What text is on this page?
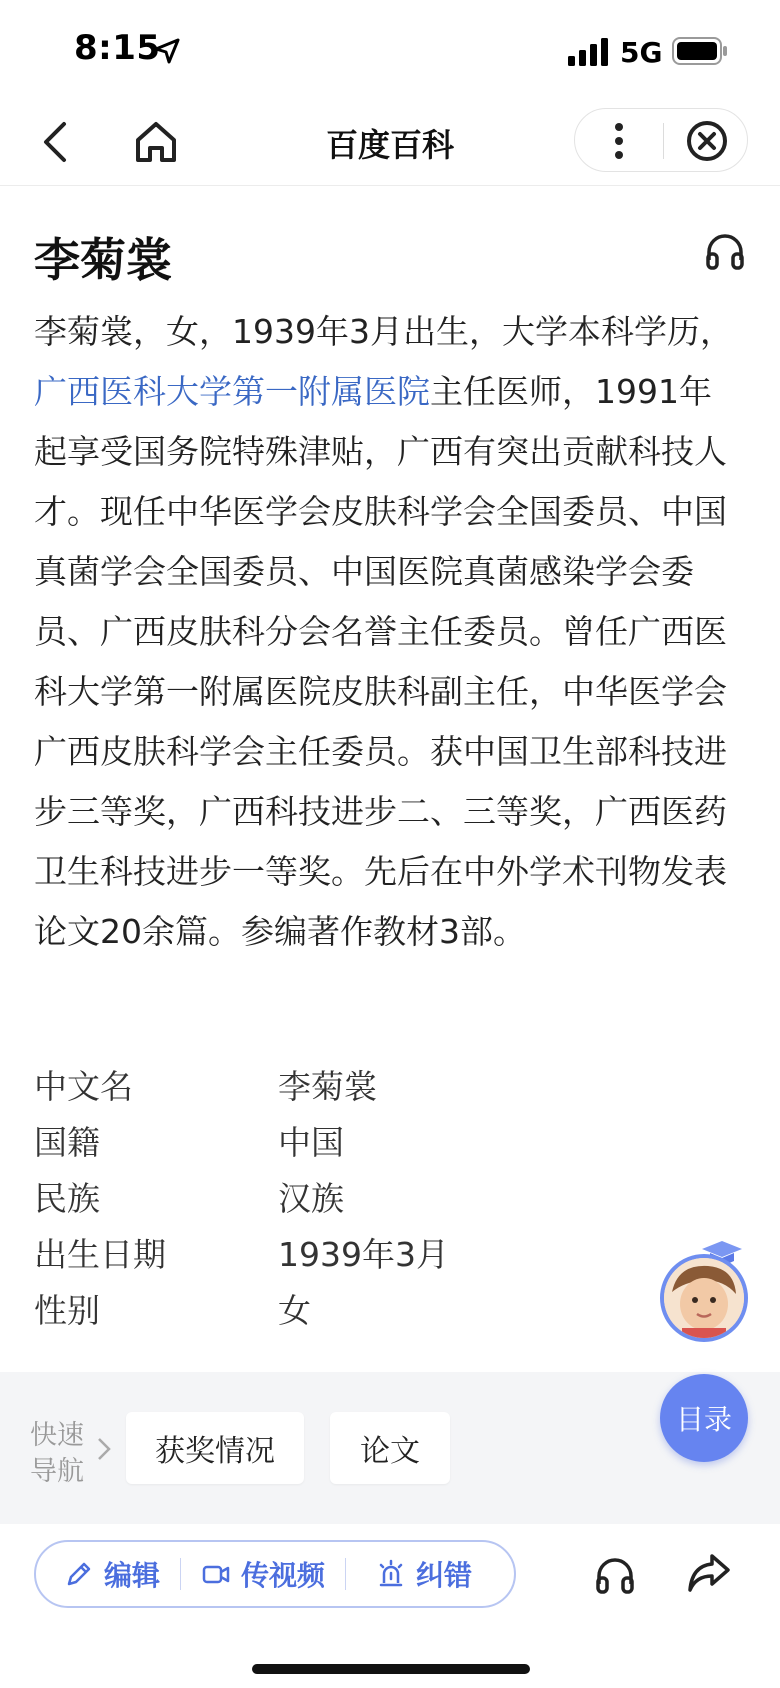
8:15	5G
百度百科
李菊裳
李菊裳，女，1939年3月出生，大学本科学历，广西医科大学第一附属医院主任医师，1991年起享受国务院特殊津贴，广西有突出贡献科技人才。现任中华医学会皮肤科学会全国委员、中国真菌学会全国委员、中国医院真菌感染学会委员、广西皮肤科分会名誉主任委员。曾任广西医科大学第一附属医院皮肤科副主任，中华医学会广西皮肤科学会主任委员。获中国卫生部科技进步三等奖，广西科技进步二、三等奖，广西医药卫生科技进步一等奖。先后在中外学术刊物发表论文20余篇。参编著作教材3部。
中文名	李菊裳
国籍	中国
民族	汉族
出生日期	1939年3月
性别	女
快速导航
获奖情况	论文
目录
编辑	传视频	纠错
